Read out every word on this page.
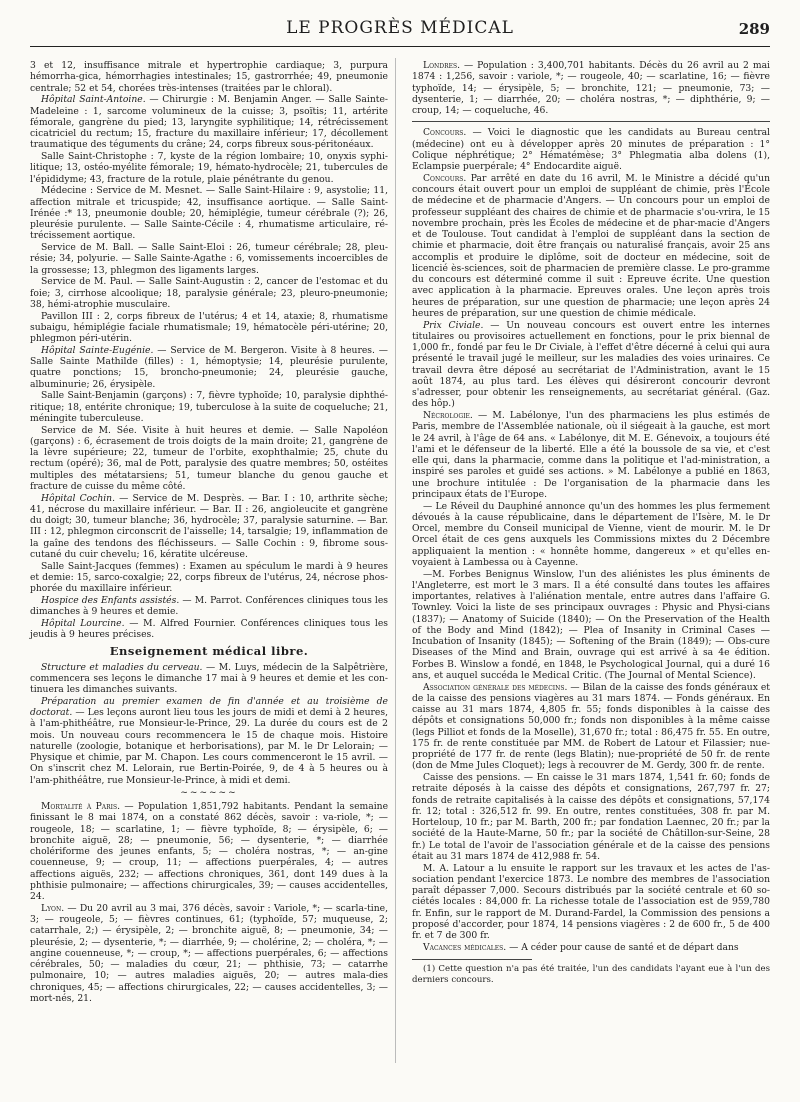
LE PROGRÈS MÉDICAL	289

3 et 12, insuffisance mitrale et hypertrophie cardiaque; 3, purpura hémorrha-gica, hémorrhagies intestinales; 15, gastrorrhée; 49, pneumonie centrale; 52 et 54, chorées très-intenses (traitées par le chloral).

Hôpital Saint-Antoine. — Chirurgie : M. Benjamin Anger. — Salle Sainte-Madeleine : 1, sarcome volumineux de la cuisse; 3, psoïtis; 11, artérite fémorale, gangrène du pied; 13, laryngite syphilitique; 14, rétrécissement cicatriciel du rectum; 15, fracture du maxillaire inférieur; 17, décollement traumatique des téguments du crâne; 24, corps fibreux sous-péritonéaux.

Salle Saint-Christophe : 7, kyste de la région lombaire; 10, onyxis syphi-litique; 13, ostéo-myélite fémorale; 19, hémato-hydrocèle; 21, tubercules de l'épididyme; 43, fracture de la rotule, plaie pénétrante du genou.

Médecine : Service de M. Mesnet. — Salle Saint-Hilaire : 9, asystolie; 11, affection mitrale et tricuspide; 42, insuffisance aortique. — Salle Saint-Irénée :* 13, pneumonie double; 20, hémiplégie, tumeur cérébrale (?); 26, pleurésie purulente. — Salle Sainte-Cécile : 4, rhumatisme articulaire, ré-trécissement aortique.

Service de M. Ball. — Salle Saint-Eloi : 26, tumeur cérébrale; 28, pleu-résie; 34, polyurie. — Salle Sainte-Agathe : 6, vomissements incoercibles de la grossesse; 13, phlegmon des ligaments larges.

Service de M. Paul. — Salle Saint-Augustin : 2, cancer de l'estomac et du foie; 3, cirrhose alcoolique; 18, paralysie générale; 23, pleuro-pneumonie; 38, hémi-atrophie musculaire.

Pavillon III : 2, corps fibreux de l'utérus; 4 et 14, ataxie; 8, rhumatisme subaigu, hémiplégie faciale rhumatismale; 19, hématocèle péri-utérine; 20, phlegmon péri-utérin.

Hôpital Sainte-Eugénie. — Service de M. Bergeron. Visite à 8 heures. — Salle Sainte Mathilde (filles) : 1, hémoptysie; 14, pleurésie purulente, quatre ponctions; 15, broncho-pneumonie; 24, pleurésie gauche, albuminurie; 26, érysipèle.

Salle Saint-Benjamin (garçons) : 7, fièvre typhoïde; 10, paralysie diphthé-ritique; 18, entérite chronique; 19, tuberculose à la suite de coqueluche; 21, méningite tuberculeuse.

Service de M. Sée. Visite à huit heures et demie. — Salle Napoléon (garçons) : 6, écrasement de trois doigts de la main droite; 21, gangrène de la lèvre supérieure; 22, tumeur de l'orbite, exophthalmie; 25, chute du rectum (opéré); 36, mal de Pott, paralysie des quatre membres; 50, ostéites multiples des métatarsiens; 51, tumeur blanche du genou gauche et fracture de cuisse du même côté.

Hôpital Cochin. — Service de M. Desprès. — Bar. I : 10, arthrite sèche; 41, nécrose du maxillaire inférieur. — Bar. II : 26, angioleucite et gangrène du doigt; 30, tumeur blanche; 36, hydrocèle; 37, paralysie saturnine. — Bar. III : 12, phlegmon circonscrit de l'aisselle; 14, tarsalgie; 19, inflammation de la gaîne des tendons des fléchisseurs. — Salle Cochin : 9, fibrome sous-cutané du cuir chevelu; 16, kératite ulcéreuse.

Salle Saint-Jacques (femmes) : Examen au spéculum le mardi à 9 heures et demie: 15, sarco-coxalgie; 22, corps fibreux de l'utérus, 24, nécrose phos-phorée du maxillaire inférieur.

Hospice des Enfants assistés. — M. Parrot. Conférences cliniques tous les dimanches à 9 heures et demie.

Hôpital Lourcine. — M. Alfred Fournier. Conférences cliniques tous les jeudis à 9 heures précises.

Enseignement médical libre.

Structure et maladies du cerveau. — M. Luys, médecin de la Salpêtrière, commencera ses leçons le dimanche 17 mai à 9 heures et demie et les con-tinuera les dimanches suivants.

Préparation au premier examen de fin d'année et au troisième de doctorat. — Les leçons auront lieu tous les jours de midi et demi à 2 heures, à l'am-phithéâtre, rue Monsieur-le-Prince, 29. La durée du cours est de 2 mois. Un nouveau cours recommencera le 15 de chaque mois. Histoire naturelle (zoologie, botanique et herborisations), par M. le Dr Lelorain; — Physique et chimie, par M. Chapon. Les cours commenceront le 15 avril. — On s'inscrit chez M. Lelorain, rue Bertin-Poirée, 9, de 4 à 5 heures ou à l'am-phithéâtre, rue Monsieur-le-Prince, à midi et demi.

~~~~~~

Mortalité à Paris. — Population 1,851,792 habitants. Pendant la semaine finissant le 8 mai 1874, on a constaté 862 décès, savoir : va-riole, *; — rougeole, 18; — scarlatine, 1; — fièvre typhoïde, 8; — érysipèle, 6; — bronchite aiguë, 28; — pneumonie, 56; — dysenterie, *; — diarrhée cholériforme des jeunes enfants, 5; — choléra nostras, *; — an-gine couenneuse, 9; — croup, 11; — affections puerpérales, 4; — autres affections aiguës, 232; — affections chroniques, 361, dont 149 dues à la phthisie pulmonaire; — affections chirurgicales, 39; — causes accidentelles, 24.

Lyon. — Du 20 avril au 3 mai, 376 décès, savoir : Variole, *; — scarla-tine, 3; — rougeole, 5; — fièvres continues, 61; (typhoïde, 57; muqueuse, 2; catarrhale, 2;) — érysipèle, 2; — bronchite aiguë, 8; — pneumonie, 34; — pleurésie, 2; — dysenterie, *; — diarrhée, 9; — cholérine, 2; — choléra, *; — angine couenneuse, *; — croup, *; — affections puerpérales, 6; — affections cérébrales, 50; — maladies du cœur, 21; — phthisie, 73; — catarrhe pulmonaire, 10; — autres maladies aiguës, 20; — autres mala-dies chroniques, 45; — affections chirurgicales, 22; — causes accidentelles, 3; — mort-nés, 21.

Londres. — Population : 3,400,701 habitants. Décès du 26 avril au 2 mai 1874 : 1,256, savoir : variole, *; — rougeole, 40; — scarlatine, 16; — fièvre typhoïde, 14; — érysipèle, 5; — bronchite, 121; — pneumonie, 73; — dysenterie, 1; — diarrhée, 20; — choléra nostras, *; — diphthérie, 9; — croup, 14; — coqueluche, 46.

Concours. — Voici le diagnostic que les candidats au Bureau central (médecine) ont eu à développer après 20 minutes de préparation : 1° Colique néphrétique; 2° Hématémèse; 3° Phlegmatia alba dolens (1), Eclampsie puerpérale; 4° Endocardite aiguë.

Concours. Par arrêté en date du 16 avril, M. le Ministre a décidé qu'un concours était ouvert pour un emploi de suppléant de chimie, près l'École de médecine et de pharmacie d'Angers. — Un concours pour un emploi de professeur suppléant des chaires de chimie et de pharmacie s'ou-vrira, le 15 novembre prochain, près les Écoles de médecine et de phar-macie d'Angers et de Toulouse. Tout candidat à l'emploi de suppléant dans la section de chimie et pharmacie, doit être français ou naturalisé français, avoir 25 ans accomplis et produire le diplôme, soit de docteur en médecine, soit de licencié ès-sciences, soit de pharmacien de première classe. Le pro-gramme du concours est déterminé comme il suit : Epreuve écrite. Une question avec application à la pharmacie. Epreuves orales. Une leçon après trois heures de préparation, sur une question de pharmacie; une leçon après 24 heures de préparation, sur une question de chimie médicale.

Prix Civiale. — Un nouveau concours est ouvert entre les internes titulaires ou provisoires actuellement en fonctions, pour le prix biennal de 1,000 fr., fondé par feu le Dr Civiale, à l'effet d'être décerné à celui qui aura présenté le travail jugé le meilleur, sur les maladies des voies urinaires. Ce travail devra être déposé au secrétariat de l'Administration, avant le 15 août 1874, au plus tard. Les élèves qui désireront concourir devront s'adresser, pour obtenir les renseignements, au secrétariat général. (Gaz. des hôp.)

Nécrologie. — M. Labélonye, l'un des pharmaciens les plus estimés de Paris, membre de l'Assemblée nationale, où il siégeait à la gauche, est mort le 24 avril, à l'âge de 64 ans. « Labélonye, dit M. E. Génevoix, a toujours été l'ami et le défenseur de la liberté. Elle a été la boussole de sa vie, et c'est elle qui, dans la pharmacie, comme dans la politique et l'ad-ministration, a inspiré ses paroles et guidé ses actions. » M. Labélonye a publié en 1863, une brochure intitulée : De l'organisation de la pharmacie dans les principaux états de l'Europe.

— Le Réveil du Dauphiné annonce qu'un des hommes les plus fermement dévoués à la cause républicaine, dans le département de l'Isère, M. le Dr Orcel, membre du Conseil municipal de Vienne, vient de mourir. M. le Dr Orcel était de ces gens auxquels les Commissions mixtes du 2 Décembre appliquaient la mention : « honnête homme, dangereux » et qu'elles en-voyaient à Lambessa ou à Cayenne.

—M. Forbes Benignus Winslow, l'un des aliénistes les plus éminents de l'Angleterre, est mort le 3 mars. Il a été consulté dans toutes les affaires importantes, relatives à l'aliénation mentale, entre autres dans l'affaire G. Townley. Voici la liste de ses principaux ouvrages : Physic and Physi-cians (1837); — Anatomy of Suicide (1840); — On the Preservation of the Health of the Body and Mind (1842); — Plea of Insanity in Criminal Cases — Incubation of Insanity (1845); — Softening of the Brain (1849); — Obs-cure Diseases of the Mind and Brain, ouvrage qui est arrivé à sa 4e édition. Forbes B. Winslow a fondé, en 1848, le Psychological Journal, qui a duré 16 ans, et auquel succéda le Medical Critic. (The Journal of Mental Science).

Association générale des médecins. — Bilan de la caisse des fonds généraux et de la caisse des pensions viagères au 31 mars 1874. — Fonds généraux. En caisse au 31 mars 1874, 4,805 fr. 55; fonds disponibles à la caisse des dépôts et consignations 50,000 fr.; fonds non disponibles à la même caisse (legs Pilliot et fonds de la Moselle), 31,670 fr.; total : 86,475 fr. 55. En outre, 175 fr. de rente constituée par MM. de Robert de Latour et Filassier; nue-propriété de 177 fr. de rente (legs Blatin); nue-propriété de 50 fr. de rente (don de Mme Jules Cloquet); legs à recouvrer de M. Gerdy, 300 fr. de rente.

Caisse des pensions. — En caisse le 31 mars 1874, 1,541 fr. 60; fonds de retraite déposés à la caisse des dépôts et consignations, 267,797 fr. 27; fonds de retraite capitalisés à la caisse des dépôts et consignations, 57,174 fr. 12; total : 326,512 fr. 99. En outre, rentes constituées, 308 fr. par M. Horteloup, 10 fr.; par M. Barth, 200 fr.; par fondation Laennec, 20 fr.; par la société de la Haute-Marne, 50 fr.; par la société de Châtillon-sur-Seine, 28 fr.) Le total de l'avoir de l'association générale et de la caisse des pensions était au 31 mars 1874 de 412,988 fr. 54.

M. A. Latour a lu ensuite le rapport sur les travaux et les actes de l'as-sociation pendant l'exercice 1873. Le nombre des membres de l'association paraît dépasser 7,000. Secours distribués par la société centrale et 60 so-ciétés locales : 84,000 fr. La richesse totale de l'association est de 959,780 fr. Enfin, sur le rapport de M. Durand-Fardel, la Commission des pensions a proposé d'accorder, pour 1874, 14 pensions viagères : 2 de 600 fr., 5 de 400 fr. et 7 de 300 fr.

Vacances médicales. — A céder pour cause de santé et de départ dans

(1) Cette question n'a pas été traitée, l'un des candidats l'ayant eue à l'un des derniers concours.
